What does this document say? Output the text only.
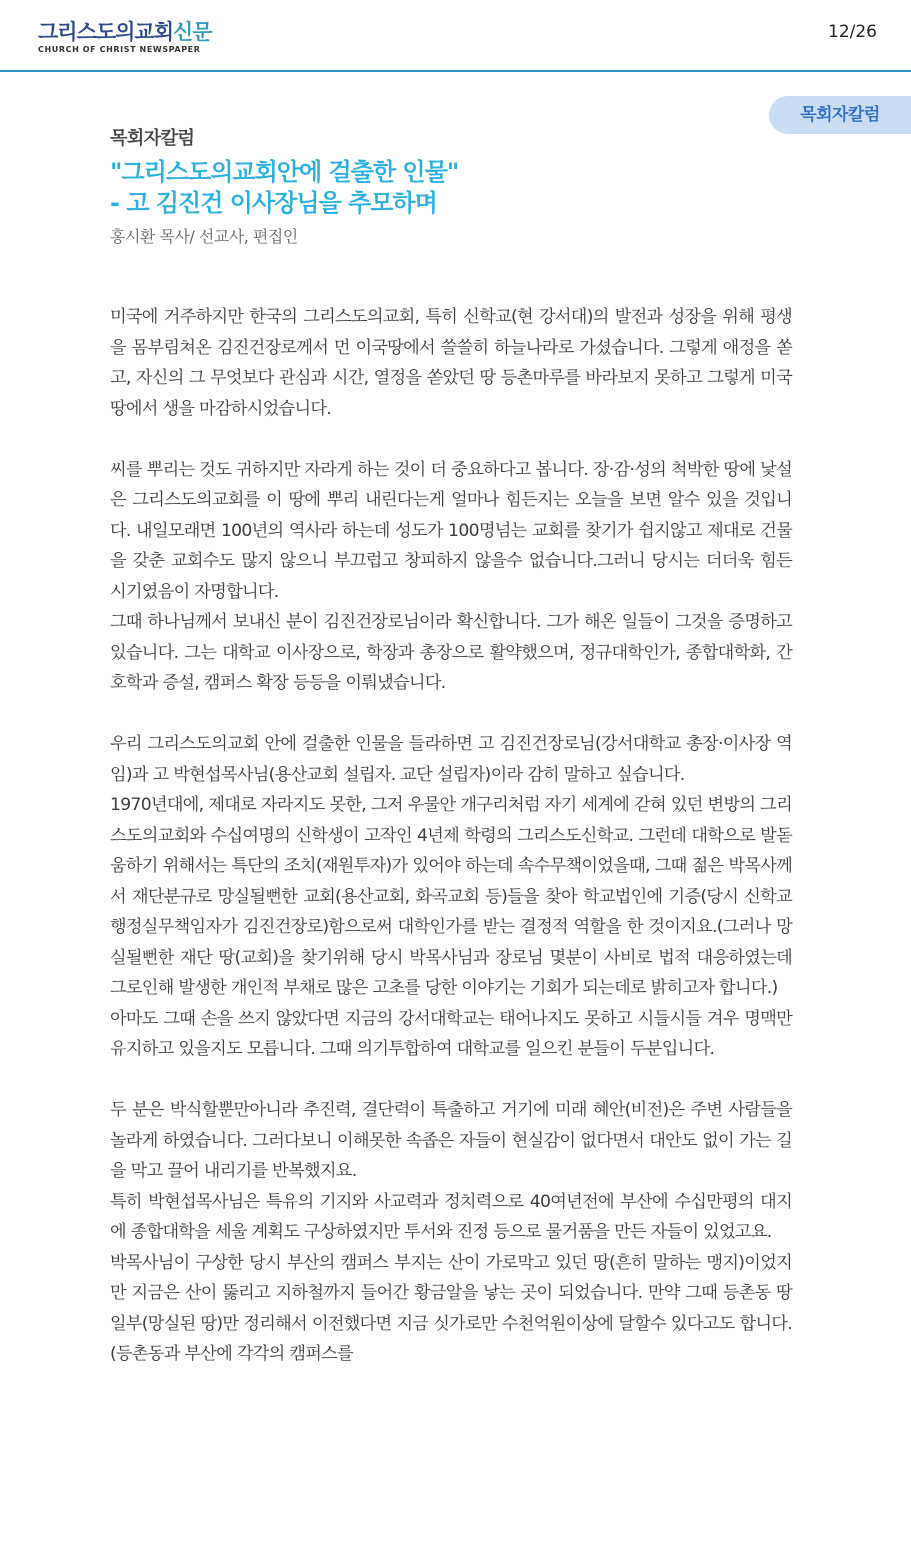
그리스도의교회신문
CHURCH OF CHRIST NEWSPAPER
12/26
목회자칼럼
목회자칼럼
"그리스도의교회안에 걸출한 인물"
- 고 김진건 이사장님을 추모하며
홍시환 목사/ 선교사, 편집인

미국에 거주하지만 한국의 그리스도의교회, 특히 신학교(현 강서대)의 발전과 성장을 위해 평생을 몸부림쳐온 김진건장로께서 먼 이국땅에서 쓸쓸히 하늘나라로 가셨습니다. 그렇게 애정을 쏟고, 자신의 그 무엇보다 관심과 시간, 열정을 쏟았던 땅 등촌마루를 바라보지 못하고 그렇게 미국땅에서 생을 마감하시었습니다.

씨를 뿌리는 것도 귀하지만 자라게 하는 것이 더 중요하다고 봅니다. 장·감·성의 척박한 땅에 낯설은 그리스도의교회를 이 땅에 뿌리 내린다는게 얼마나 힘든지는 오늘을 보면 알수 있을 것입니다. 내일모래면 100년의 역사라 하는데 성도가 100명넘는 교회를 찾기가 쉽지않고 제대로 건물을 갖춘 교회수도 많지 않으니 부끄럽고 창피하지 않을수 없습니다.그러니 당시는 더더욱 힘든 시기였음이 자명합니다.

그때 하나님께서 보내신 분이 김진건장로님이라 확신합니다. 그가 해온 일들이 그것을 증명하고 있습니다. 그는 대학교 이사장으로, 학장과 총장으로 활약했으며, 정규대학인가, 종합대학화, 간호학과 증설, 캠퍼스 확장 등등을 이뤄냈습니다.

우리 그리스도의교회 안에 걸출한 인물을 들라하면 고 김진건장로님(강서대학교 총장·이사장 역임)과 고 박현섭목사님(용산교회 설립자. 교단 설립자)이라 감히 말하고 싶습니다.

1970년대에, 제대로 자라지도 못한, 그저 우물안 개구리처럼 자기 세계에 갇혀 있던 변방의 그리스도의교회와 수십여명의 신학생이 고작인 4년제 학령의 그리스도신학교. 그런데 대학으로 발돋움하기 위해서는 특단의 조치(재원투자)가 있어야 하는데 속수무책이었을때, 그때 젊은 박목사께서 재단분규로 망실될뻔한 교회(용산교회, 화곡교회 등)들을 찾아 학교법인에 기증(당시 신학교 행정실무책임자가 김진건장로)함으로써 대학인가를 받는 결정적 역할을 한 것이지요.(그러나 망실될뻔한 재단 땅(교회)을 찾기위해 당시 박목사님과 장로님 몇분이 사비로 법적 대응하였는데 그로인해 발생한 개인적 부채로 많은 고초를 당한 이야기는 기회가 되는데로 밝히고자 합니다.)

아마도 그때 손을 쓰지 않았다면 지금의 강서대학교는 태어나지도 못하고 시들시들 겨우 명맥만 유지하고 있을지도 모릅니다. 그때 의기투합하여 대학교를 일으킨 분들이 두분입니다.

두 분은 박식할뿐만아니라 추진력, 결단력이 특출하고 거기에 미래 혜안(비전)은 주변 사람들을 놀라게 하였습니다. 그러다보니 이해못한 속좁은 자들이 현실감이 없다면서 대안도 없이 가는 길을 막고 끌어 내리기를 반복했지요.

특히 박현섭목사님은 특유의 기지와 사교력과 정치력으로 40여년전에 부산에 수십만평의 대지에 종합대학을 세울 계획도 구상하였지만 투서와 진정 등으로 물거품을 만든 자들이 있었고요.

박목사님이 구상한 당시 부산의 캠퍼스 부지는 산이 가로막고 있던 땅(흔히 말하는 맹지)이었지만 지금은 산이 뚫리고 지하철까지 들어간 황금알을 낳는 곳이 되었습니다. 만약 그때 등촌동 땅 일부(망실된 땅)만 정리해서 이전했다면 지금 싯가로만 수천억원이상에 달할수 있다고도 합니다.(등촌동과 부산에 각각의 캠퍼스를
